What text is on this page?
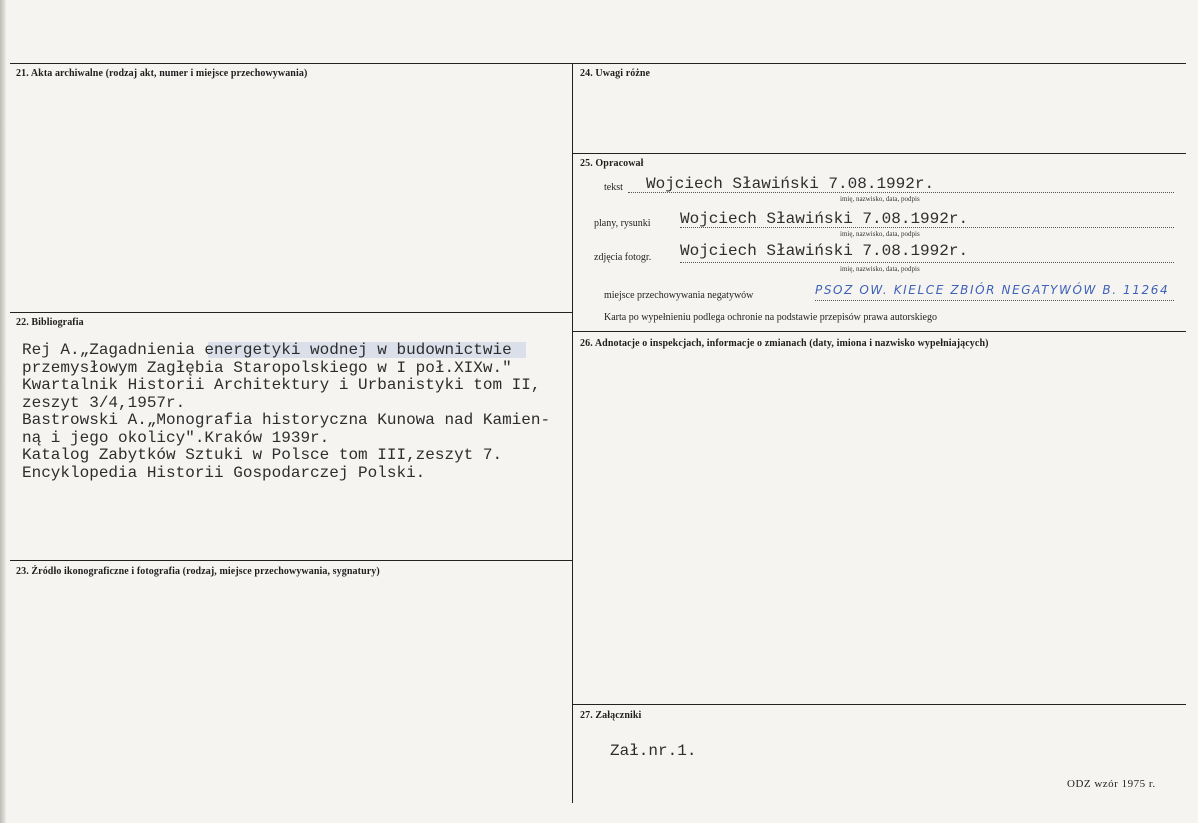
21. Akta archiwalne (rodzaj akt, numer i miejsce przechowywania)
22. Bibliografia
Rej A.„Zagadnienia energetyki wodnej w budownictwie
przemysłowym Zagłębia Staropolskiego w I poł.XIXw."
Kwartalnik Historii Architektury i Urbanistyki tom II,
zeszyt 3/4,1957r.
Bastrowski A.„Monografia historyczna Kunowa nad Kamien-
ną i jego okolicy".Kraków 1939r.
Katalog Zabytków Sztuki w Polsce tom III,zeszyt 7.
Encyklopedia Historii Gospodarczej Polski.
23. Źródło ikonograficzne i fotografia (rodzaj, miejsce przechowywania, sygnatury)
24. Uwagi różne
25. Opracował
tekst Wojciech Sławiński 7.08.1992r.
imię, nazwisko, data, podpis
plany, rysunki Wojciech Sławiński 7.08.1992r.
imię, nazwisko, data, podpis
zdjęcia fotogr. Wojciech Sławiński 7.08.1992r.
imię, nazwisko, data, podpis
miejsce przechowywania negatywów	PSOZ OW. KIELCE ZBIÓR NEGATYWÓW B. 11264
Karta po wypełnieniu podlega ochronie na podstawie przepisów prawa autorskiego
26. Adnotacje o inspekcjach, informacje o zmianach (daty, imiona i nazwisko wypełniających)
27. Załączniki
Zał.nr.1.
ODZ wzór 1975 r.
